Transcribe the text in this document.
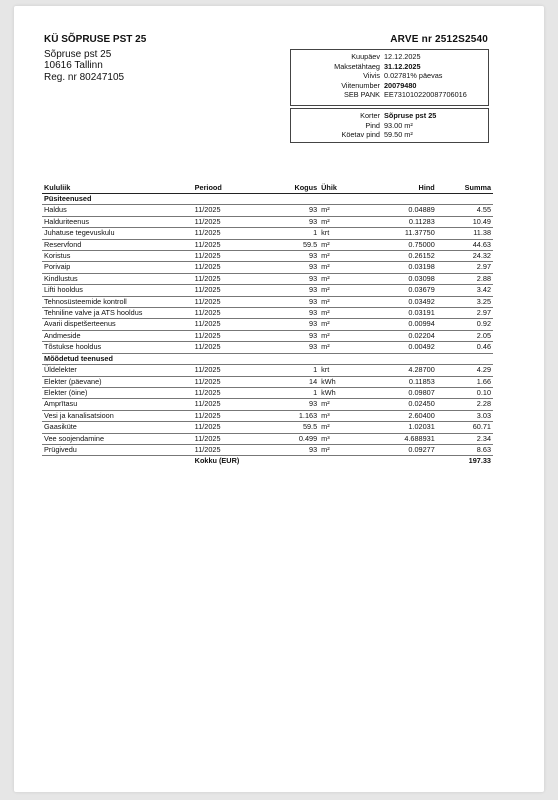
KÜ SÕPRUSE PST 25
Sõpruse pst 25
10616 Tallinn
Reg. nr 80247105
ARVE nr 2512S2540
Kuupäev 12.12.2025
Maksetähtaeg 31.12.2025
Viivis 0.02781% päevas
Viitenumber 20079480
SEB PANK EE731010220087706016
Korter Sõpruse pst 25
Pind 93.00 m²
Köetav pind 59.50 m²
Kululiik	Periood	Kogus	Ühik	Hind	Summa
Püsiteenused					
Haldus	11/2025	93	m²	0.04889	4.55
Halduriteenus	11/2025	93	m²	0.11283	10.49
Juhatuse tegevuskulu	11/2025	1	krt	11.37750	11.38
Reservfond	11/2025	59.5	m²	0.75000	44.63
Koristus	11/2025	93	m²	0.26152	24.32
Porivaip	11/2025	93	m²	0.03198	2.97
Kindlustus	11/2025	93	m²	0.03098	2.88
Lifti hooldus	11/2025	93	m²	0.03679	3.42
Tehnosüsteemide kontroll	11/2025	93	m²	0.03492	3.25
Tehniline valve ja ATS hooldus	11/2025	93	m²	0.03191	2.97
Avarii dispetšerteenus	11/2025	93	m²	0.00994	0.92
Andmeside	11/2025	93	m²	0.02204	2.05
Tõstukse hooldus	11/2025	93	m²	0.00492	0.46
Mõõdetud teenused					
Üldelekter	11/2025	1	krt	4.28700	4.29
Elekter (päevane)	11/2025	14	kWh	0.11853	1.66
Elekter (öine)	11/2025	1	kWh	0.09807	0.10
Amprītasu	11/2025	93	m²	0.02450	2.28
Vesi ja kanalisatsioon	11/2025	1.163	m³	2.60400	3.03
Gaasiküte	11/2025	59.5	m²	1.02031	60.71
Vee soojendamine	11/2025	0.499	m³	4.688931	2.34
Prügivedu	11/2025	93	m²	0.09277	8.63
	Kokku (EUR)				197.33
